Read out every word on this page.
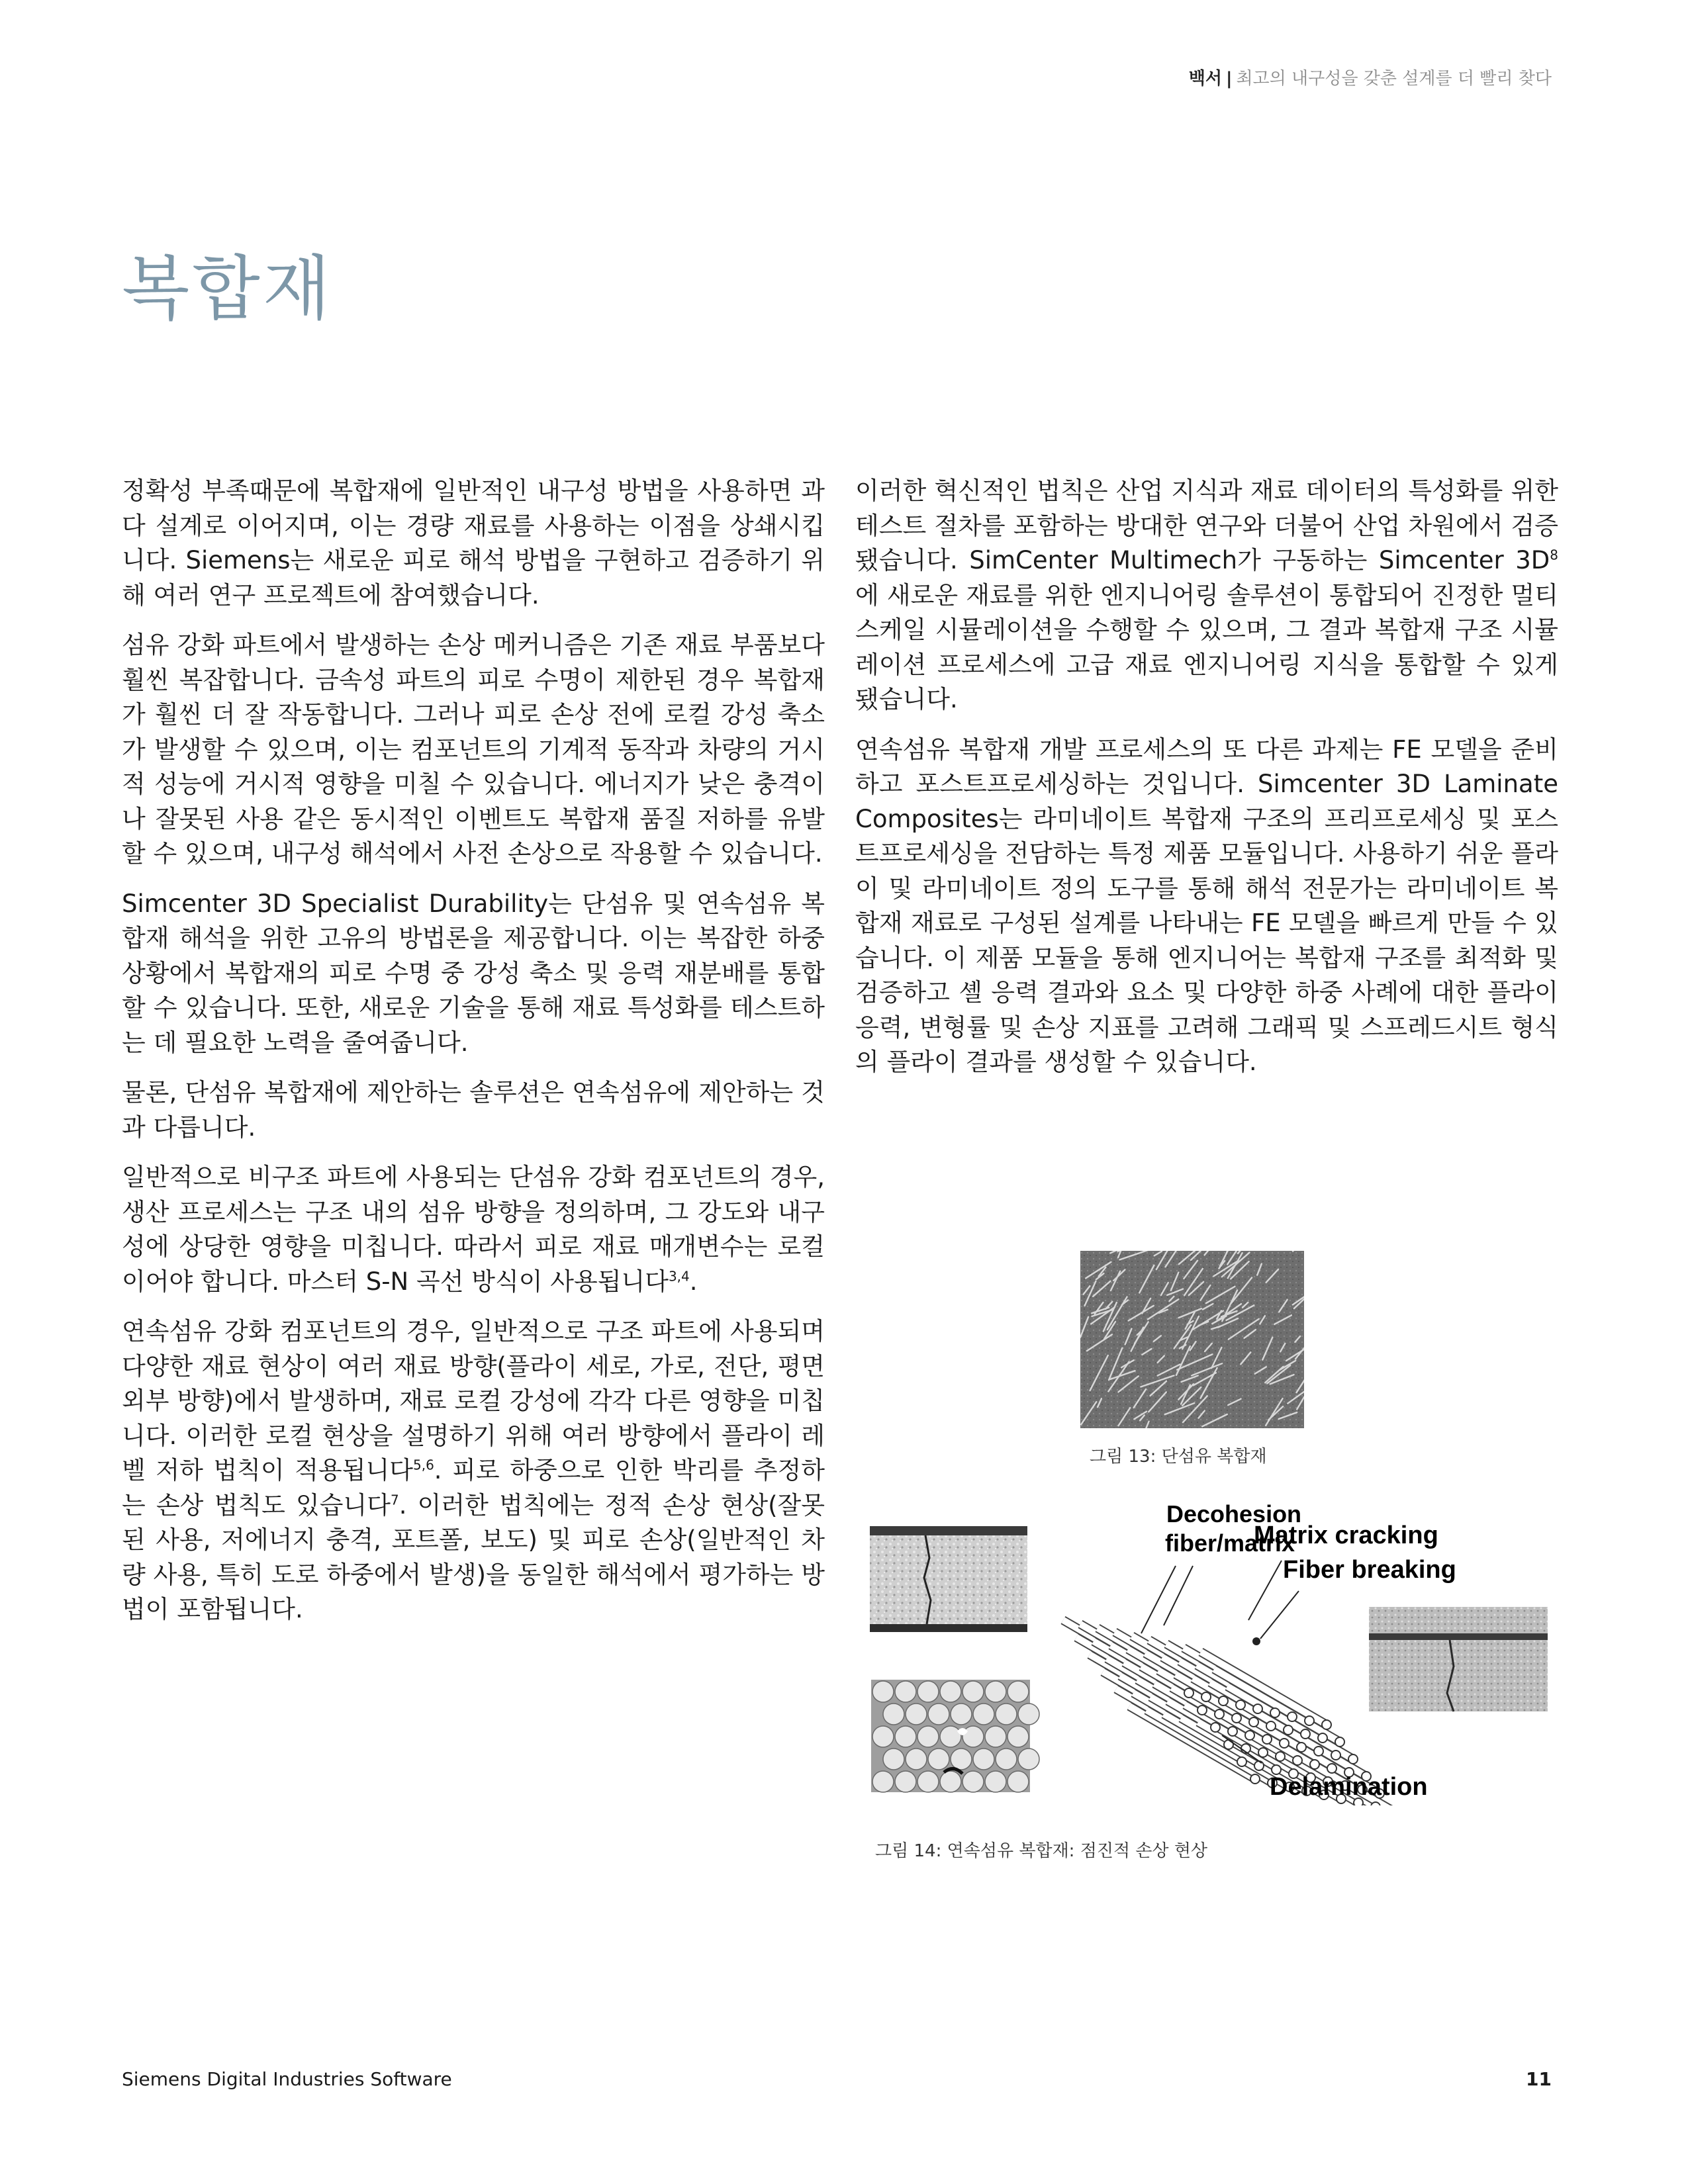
백서 | 최고의 내구성을 갖춘 설계를 더 빨리 찾다
복합재

정확성 부족때문에 복합재에 일반적인 내구성 방법을 사용하면 과다 설계로 이어지며, 이는 경량 재료를 사용하는 이점을 상쇄시킵니다. Siemens는 새로운 피로 해석 방법을 구현하고 검증하기 위해 여러 연구 프로젝트에 참여했습니다.

섬유 강화 파트에서 발생하는 손상 메커니즘은 기존 재료 부품보다 훨씬 복잡합니다. 금속성 파트의 피로 수명이 제한된 경우 복합재가 훨씬 더 잘 작동합니다. 그러나 피로 손상 전에 로컬 강성 축소가 발생할 수 있으며, 이는 컴포넌트의 기계적 동작과 차량의 거시적 성능에 거시적 영향을 미칠 수 있습니다. 에너지가 낮은 충격이나 잘못된 사용 같은 동시적인 이벤트도 복합재 품질 저하를 유발할 수 있으며, 내구성 해석에서 사전 손상으로 작용할 수 있습니다.

Simcenter 3D Specialist Durability는 단섬유 및 연속섬유 복합재 해석을 위한 고유의 방법론을 제공합니다. 이는 복잡한 하중 상황에서 복합재의 피로 수명 중 강성 축소 및 응력 재분배를 통합할 수 있습니다. 또한, 새로운 기술을 통해 재료 특성화를 테스트하는 데 필요한 노력을 줄여줍니다.

물론, 단섬유 복합재에 제안하는 솔루션은 연속섬유에 제안하는 것과 다릅니다.

일반적으로 비구조 파트에 사용되는 단섬유 강화 컴포넌트의 경우, 생산 프로세스는 구조 내의 섬유 방향을 정의하며, 그 강도와 내구성에 상당한 영향을 미칩니다. 따라서 피로 재료 매개변수는 로컬이어야 합니다. 마스터 S-N 곡선 방식이 사용됩니다$^{3,4}$.

연속섬유 강화 컴포넌트의 경우, 일반적으로 구조 파트에 사용되며 다양한 재료 현상이 여러 재료 방향(플라이 세로, 가로, 전단, 평면 외부 방향)에서 발생하며, 재료 로컬 강성에 각각 다른 영향을 미칩니다. 이러한 로컬 현상을 설명하기 위해 여러 방향에서 플라이 레벨 저하 법칙이 적용됩니다$^{5,6}$. 피로 하중으로 인한 박리를 추정하는 손상 법칙도 있습니다$^7$. 이러한 법칙에는 정적 손상 현상(잘못된 사용, 저에너지 충격, 포트폴, 보도) 및 피로 손상(일반적인 차량 사용, 특히 도로 하중에서 발생)을 동일한 해석에서 평가하는 방법이 포함됩니다.

이러한 혁신적인 법칙은 산업 지식과 재료 데이터의 특성화를 위한 테스트 절차를 포함하는 방대한 연구와 더불어 산업 차원에서 검증됐습니다. SimCenter Multimech가 구동하는 Simcenter $3D^8$에 새로운 재료를 위한 엔지니어링 솔루션이 통합되어 진정한 멀티스케일 시뮬레이션을 수행할 수 있으며, 그 결과 복합재 구조 시뮬레이션 프로세스에 고급 재료 엔지니어링 지식을 통합할 수 있게 됐습니다.

연속섬유 복합재 개발 프로세스의 또 다른 과제는 FE 모델을 준비하고 포스트프로세싱하는 것입니다. Simcenter 3D Laminate Composites는 라미네이트 복합재 구조의 프리프로세싱 및 포스트프로세싱을 전담하는 특정 제품 모듈입니다. 사용하기 쉬운 플라이 및 라미네이트 정의 도구를 통해 해석 전문가는 라미네이트 복합재 재료로 구성된 설계를 나타내는 FE 모델을 빠르게 만들 수 있습니다. 이 제품 모듈을 통해 엔지니어는 복합재 구조를 최적화 및 검증하고 셸 응력 결과와 요소 및 다양한 하중 사례에 대한 플라이 응력, 변형률 및 손상 지표를 고려해 그래픽 및 스프레드시트 형식의 플라이 결과를 생성할 수 있습니다.

그림 13: 단섬유 복합재
Decohesion
fiber/matrix
Matrix cracking
Fiber breaking
Delamination
그림 14: 연속섬유 복합재: 점진적 손상 현상
Siemens Digital Industries Software	11
